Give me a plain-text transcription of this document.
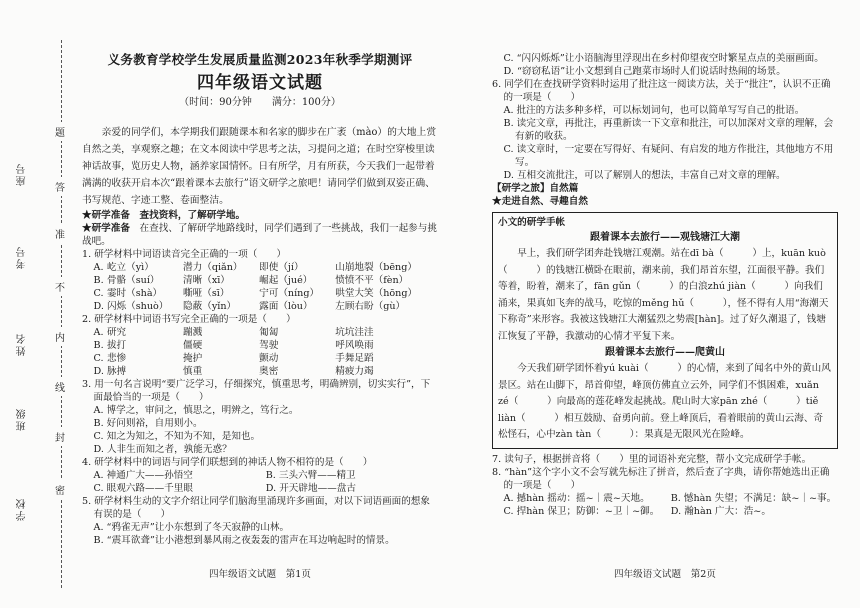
座号
考号
姓名
班级
学校
题
答
准
不
内
线
封
密
义务教育学校学生发展质量监测2023年秋季学期测评
四年级语文试题
（时间：90分钟　　满分：100分）
亲爱的同学们，本学期我们跟随课本和名家的脚步在广袤（mào）的大地上赏自然之美，享观察之趣；在文本阅读中学思考之法，习提问之道；在时空穿梭里读神话故事，览历史人物，涵养家国情怀。日有所学，月有所获，今天我们一起带着满满的收获开启本次“跟着课本去旅行”语文研学之旅吧！请同学们做到双姿正确、书写规范、字迹工整、卷面整洁。
★研学准备　查找资料，了解研学地。
★研学准备　在查找、了解研学地路线时，同学们遇到了一些挑战，我们一起参与挑战吧。
1. 研学材料中词语读音完全正确的一项（　　）
A. 屹立（yì）	潜力（qiǎn）	即使（jí）	山崩地裂（bēng）
B. 骨骼（suí）	清晰（xī）	崛起（jué）	愤愤不平（fèn）
C. 霎时（shà）	嘶哑（sī）	宁可（níng）	哄堂大笑（hōng）
D. 闪烁（shuò）	隐蔽（yǐn）	露面（lòu）	左顾右盼（gù）
2. 研学材料中词语书写完全正确的一项是（　　）
A. 研究	蹦溅	匍匐	坑坑洼洼
B. 拔打	僵硬	驾驶	呼风唤雨
C. 悲惨	掩护	颤动	手舞足蹈
D. 脉搏	慎重	奥密	精疲力竭
3. 用一句名言说明“要广泛学习，仔细探究，慎重思考，明确辨别，切实实行”，下面最恰当的一项是（　　）
A. 博学之，审问之，慎思之，明辨之，笃行之。
B. 好问则裕，自用则小。
C. 知之为知之，不知为不知，是知也。
D. 人非生而知之者，孰能无惑？
4. 研学材料中的词语与同学们联想到的神话人物不相符的是（　　）
A. 神通广大——孙悟空	B. 三头六臂——精卫
C. 眼观六路——千里眼	D. 开天辟地——盘古
5. 研学材料生动的文字介绍让同学们脑海里涌现许多画面，对以下词语画面的想象有误的是（　　）
A. “鸦雀无声”让小东想到了冬天寂静的山林。
B. “震耳欲聋”让小港想到暴风雨之夜轰轰的雷声在耳边响起时的情景。
四年级语文试题　第1页
C. “闪闪烁烁”让小语脑海里浮现出在乡村仰望夜空时繁星点点的美丽画面。
D. “窃窃私语”让小文想到自己跑菜市场时人们说话时热闹的场景。
6. 同学们在查找研学资料时运用了批注这一阅读方法，关于“批注”，认识不正确的一项是（　　）
A. 批注的方法多种多样，可以标划词句，也可以简单写写自己的批语。
B. 读完文章，再批注，再重新读一下文章和批注，可以加深对文章的理解，会有新的收获。
C. 读文章时，一定要在写得好、有疑问、有启发的地方作批注，其他地方不用写。
D. 互相交流批注，可以了解别人的想法，丰富自己对文章的理解。
【研学之旅】自然篇
★走进自然、寻趣自然
小文的研学手帐
跟着课本去旅行——观钱塘江大潮
早上，我们研学团奔赴钱塘江观潮。站在dī bà（　　　）上，kuān kuò（　　　）的钱塘江横卧在眼前，潮来前，我们昂首东望，江面很平静。我们等着，盼着，潮来了，fān gǔn（　　　）的白浪zhú jiàn（　　　）向我们涌来，果真如飞奔的战马，吃惊的měng hǔ（　　　），怪不得有人用“海潮天下称奇”来形容。我被这钱塘江大潮猛烈之势震[hàn]。过了好久潮退了，钱塘江恢复了平静，我激动的心情才平复下来。
跟着课本去旅行——爬黄山
今天我们研学团怀着yú kuài（　　　）的心情，来到了闻名中外的黄山风景区。站在山脚下，昂首仰望，峰顶仿佛直立云外，同学们不惧困难，xuǎn zé（　　　）向最高的莲花峰发起挑战。爬山时大家pān zhé（　　　）tiě liàn（　　　）相互鼓励、奋勇向前。登上峰顶后，看着眼前的黄山云海、奇松怪石，心中zàn tàn（　　　）：果真是无限风光在险峰。
7. 读句子，根据拼音将（　　）里的词语补充完整，帮小文完成研学手帐。
8. “hàn”这个字小文不会写就先标注了拼音，然后查了字典，请你帮她选出正确的一项是（　　）
A. 撼hàn 摇动：摇~｜震~天地。	B. 憾hàn 失望；不满足：缺~｜~事。
C. 捍hàn 保卫；防御：~卫｜~御。	D. 瀚hàn 广大：浩~。
四年级语文试题　第2页
